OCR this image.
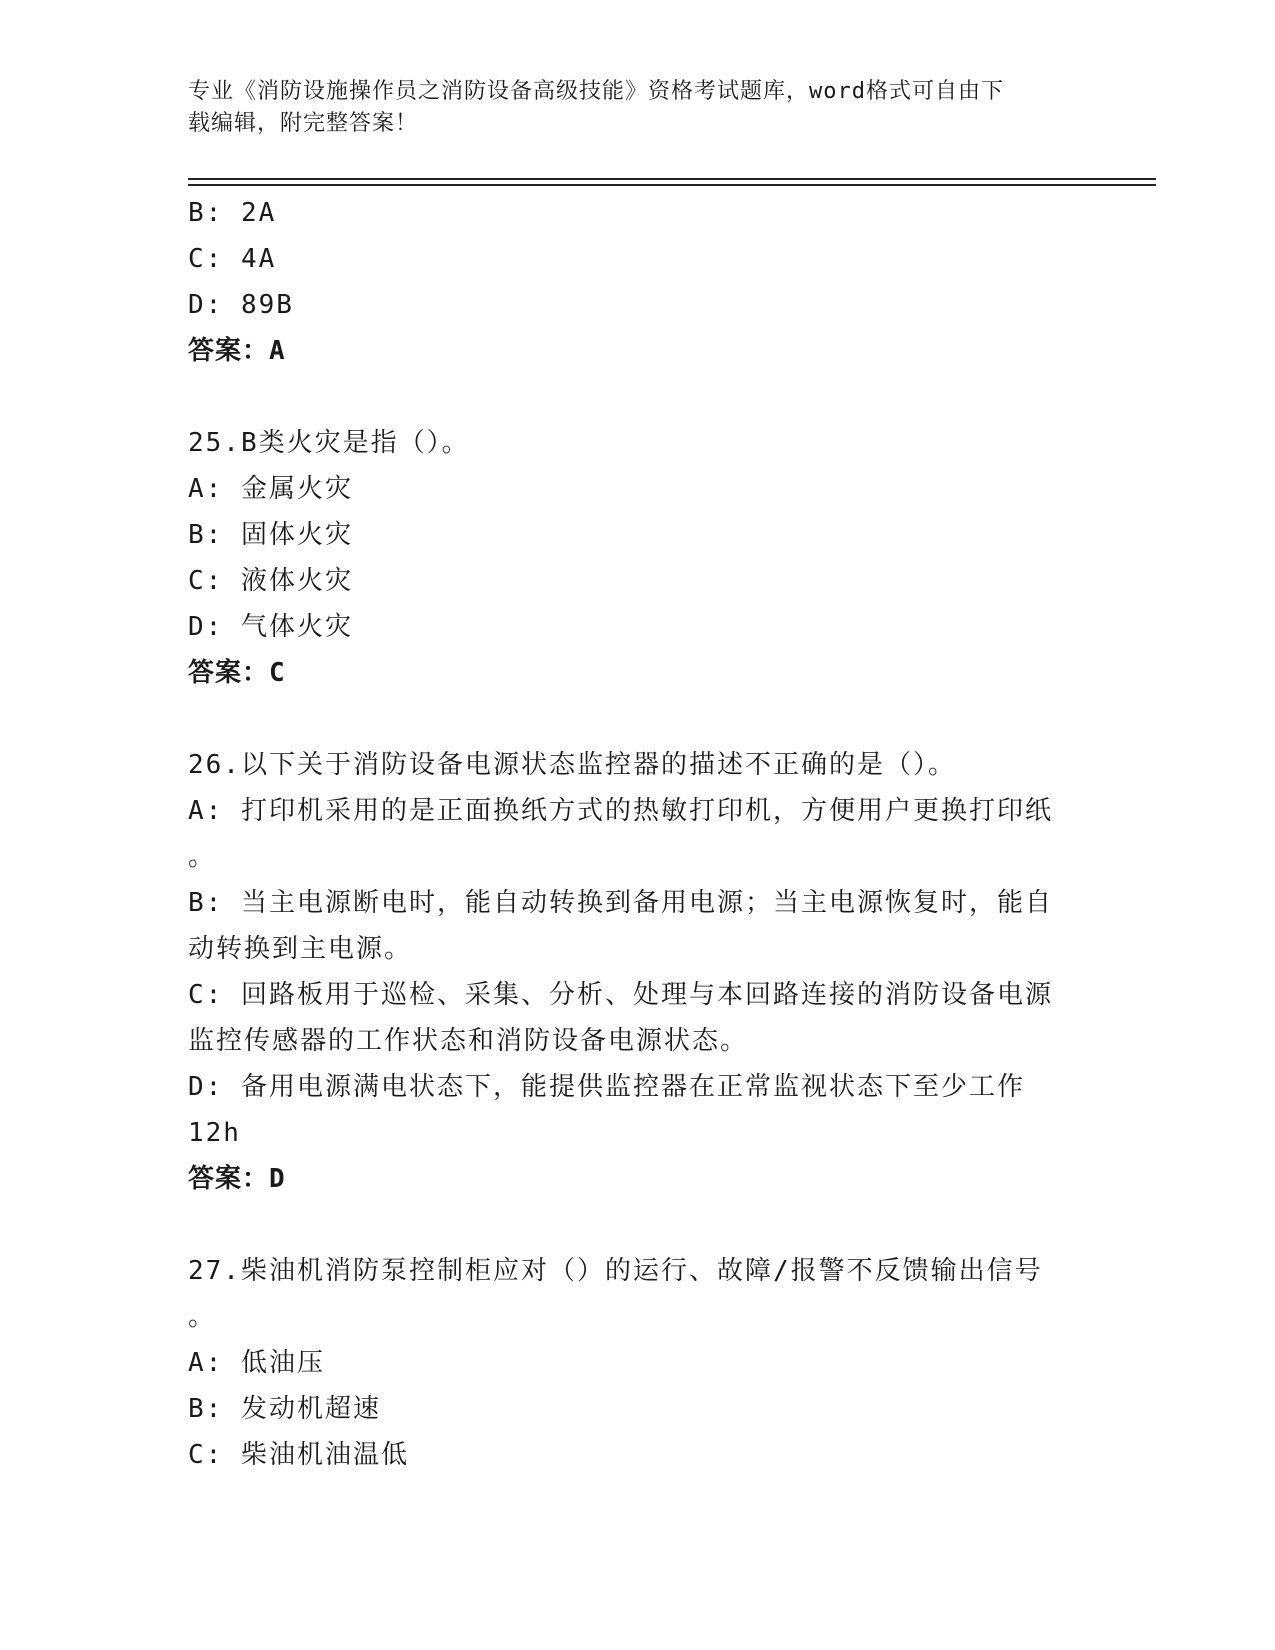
专业《消防设施操作员之消防设备高级技能》资格考试题库，word格式可自由下
载编辑，附完整答案！
B: 2A
C: 4A
D: 89B
答案：A
25.B类火灾是指（）。
A: 金属火灾
B: 固体火灾
C: 液体火灾
D: 气体火灾
答案：C
26.以下关于消防设备电源状态监控器的描述不正确的是（）。
A: 打印机采用的是正面换纸方式的热敏打印机，方便用户更换打印纸
。
B: 当主电源断电时，能自动转换到备用电源；当主电源恢复时，能自
动转换到主电源。
C: 回路板用于巡检、采集、分析、处理与本回路连接的消防设备电源
监控传感器的工作状态和消防设备电源状态。
D: 备用电源满电状态下，能提供监控器在正常监视状态下至少工作
12h
答案：D
27.柴油机消防泵控制柜应对（）的运行、故障/报警不反馈输出信号
。
A: 低油压
B: 发动机超速
C: 柴油机油温低
